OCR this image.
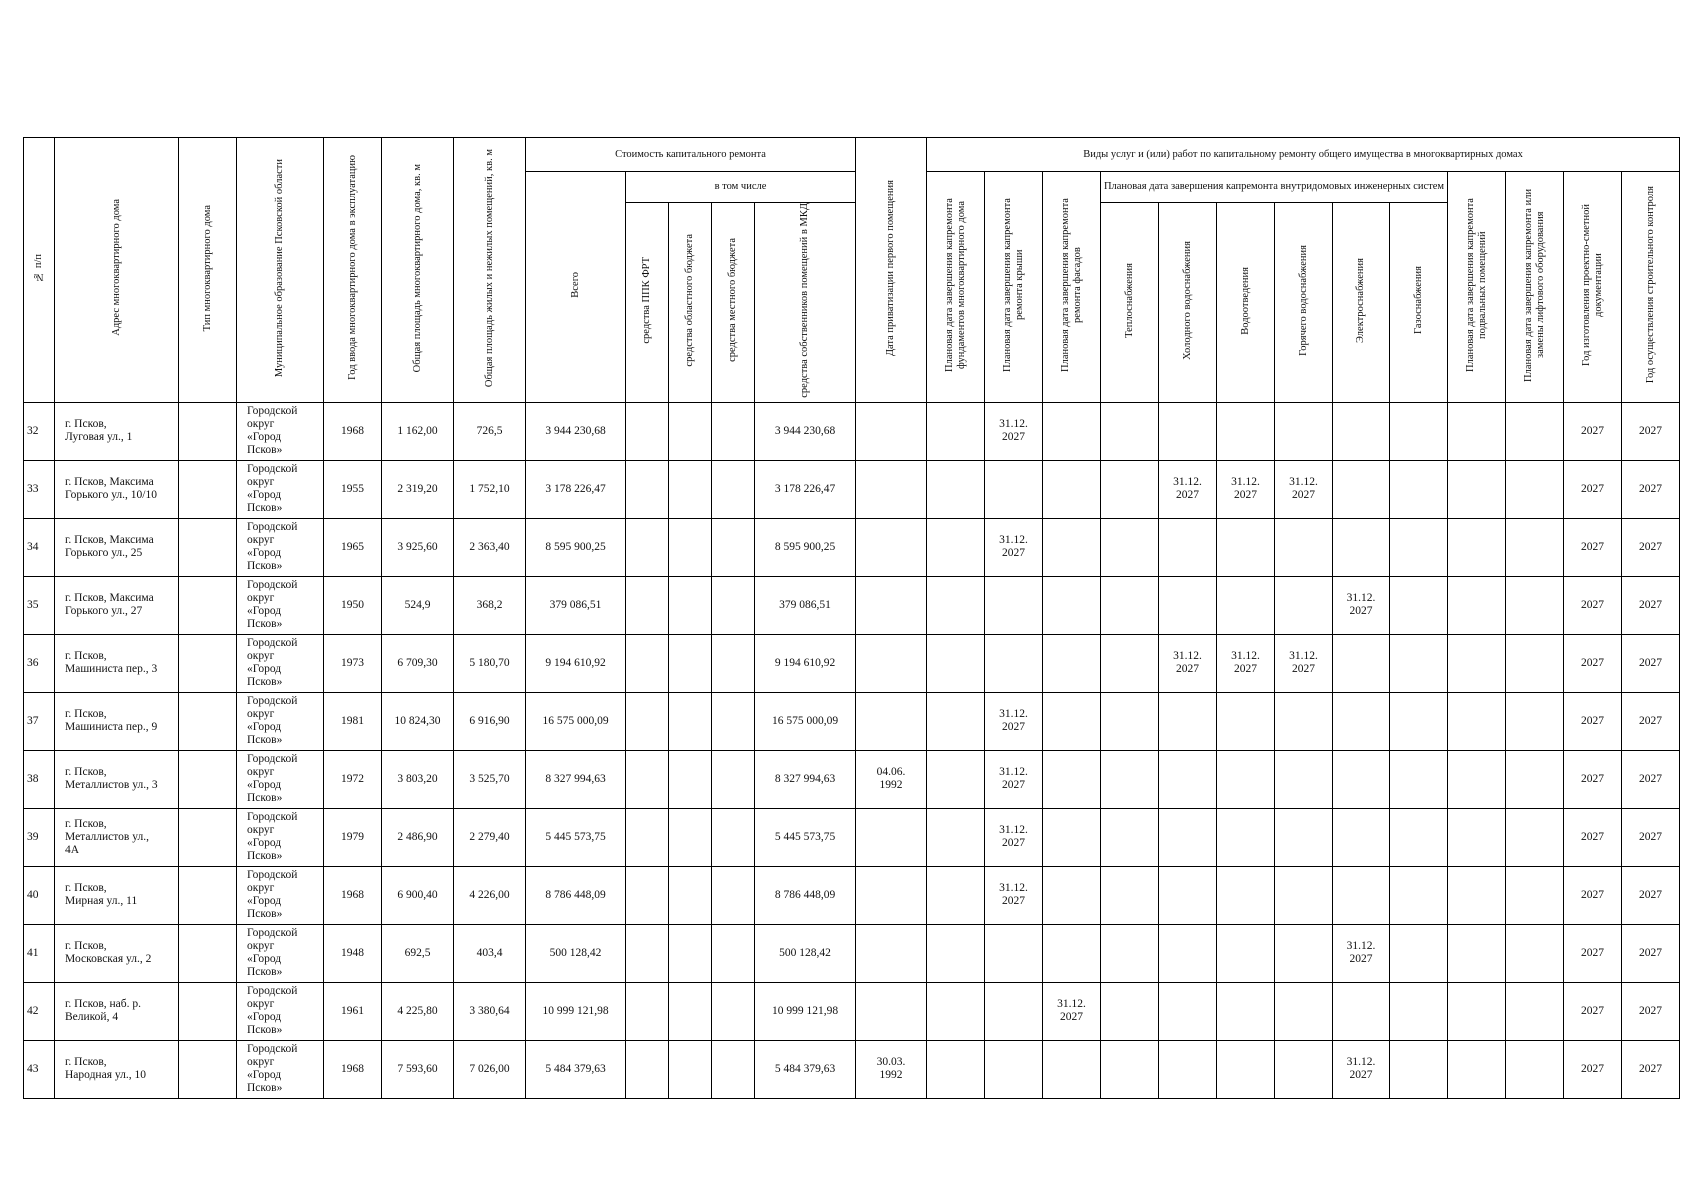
№ п/п	Адрес многоквартирного дома	Тип многоквартирного дома	Муниципальное образование Псковской области	Год ввода многоквартирного дома в эксплуатацию	Общая площадь многоквартирного дома, кв. м	Общая площадь жилых и нежилых помещений, кв. м	Стоимость капитального ремонта					Дата приватизации первого помещения	Виды услуг и (или) работ по капитальному ремонту общего имущества в многоквартирных домах												
							Всего	в том числе					Плановая дата завершения капремонта фундаментов многоквартирного дома	Плановая дата завершения капремонта ремонта крыши	Плановая дата завершения капремонта ремонта фасадов	Плановая дата завершения капремонта внутридомовых инженерных систем						Плановая дата завершения капремонта подвальных помещений	Плановая дата завершения капремонта или замены лифтового оборудования	Год изготовления проектно-сметной документации	Год осуществления строительного контроля
								средства ППК ФРТ	средства областного бюджета	средства местного бюджета	средства собственников помещений в МКД					Теплоснабжения	Холодного водоснабжения	Водоотведения	Горячего водоснабжения	Электроснабжения	Газоснабжения				

32	г. Псков,
Луговая ул., 1		Городской
округ
«Город
Псков»	1968	1 162,00	726,5	3 944 230,68				3 944 230,68			31.12.
2027										2027	2027
33	г. Псков, Максима
Горького ул., 10/10		Городской
округ
«Город
Псков»	1955	2 319,20	1 752,10	3 178 226,47				3 178 226,47						31.12.
2027	31.12.
2027	31.12.
2027					2027	2027
34	г. Псков, Максима
Горького ул., 25		Городской
округ
«Город
Псков»	1965	3 925,60	2 363,40	8 595 900,25				8 595 900,25			31.12.
2027										2027	2027
35	г. Псков, Максима
Горького ул., 27		Городской
округ
«Город
Псков»	1950	524,9	368,2	379 086,51				379 086,51									31.12.
2027				2027	2027
36	г. Псков,
Машиниста пер., 3		Городской
округ
«Город
Псков»	1973	6 709,30	5 180,70	9 194 610,92				9 194 610,92						31.12.
2027	31.12.
2027	31.12.
2027					2027	2027
37	г. Псков,
Машиниста пер., 9		Городской
округ
«Город
Псков»	1981	10 824,30	6 916,90	16 575 000,09				16 575 000,09			31.12.
2027										2027	2027
38	г. Псков,
Металлистов ул., 3		Городской
округ
«Город
Псков»	1972	3 803,20	3 525,70	8 327 994,63				8 327 994,63	04.06.
1992		31.12.
2027										2027	2027
39	г. Псков,
Металлистов ул.,
4А		Городской
округ
«Город
Псков»	1979	2 486,90	2 279,40	5 445 573,75				5 445 573,75			31.12.
2027										2027	2027
40	г. Псков,
Мирная ул., 11		Городской
округ
«Город
Псков»	1968	6 900,40	4 226,00	8 786 448,09				8 786 448,09			31.12.
2027										2027	2027
41	г. Псков,
Московская ул., 2		Городской
округ
«Город
Псков»	1948	692,5	403,4	500 128,42				500 128,42									31.12.
2027				2027	2027
42	г. Псков, наб. р.
Великой, 4		Городской
округ
«Город
Псков»	1961	4 225,80	3 380,64	10 999 121,98				10 999 121,98				31.12.
2027									2027	2027
43	г. Псков,
Народная ул., 10		Городской
округ
«Город
Псков»	1968	7 593,60	7 026,00	5 484 379,63				5 484 379,63	30.03.
1992								31.12.
2027				2027	2027
